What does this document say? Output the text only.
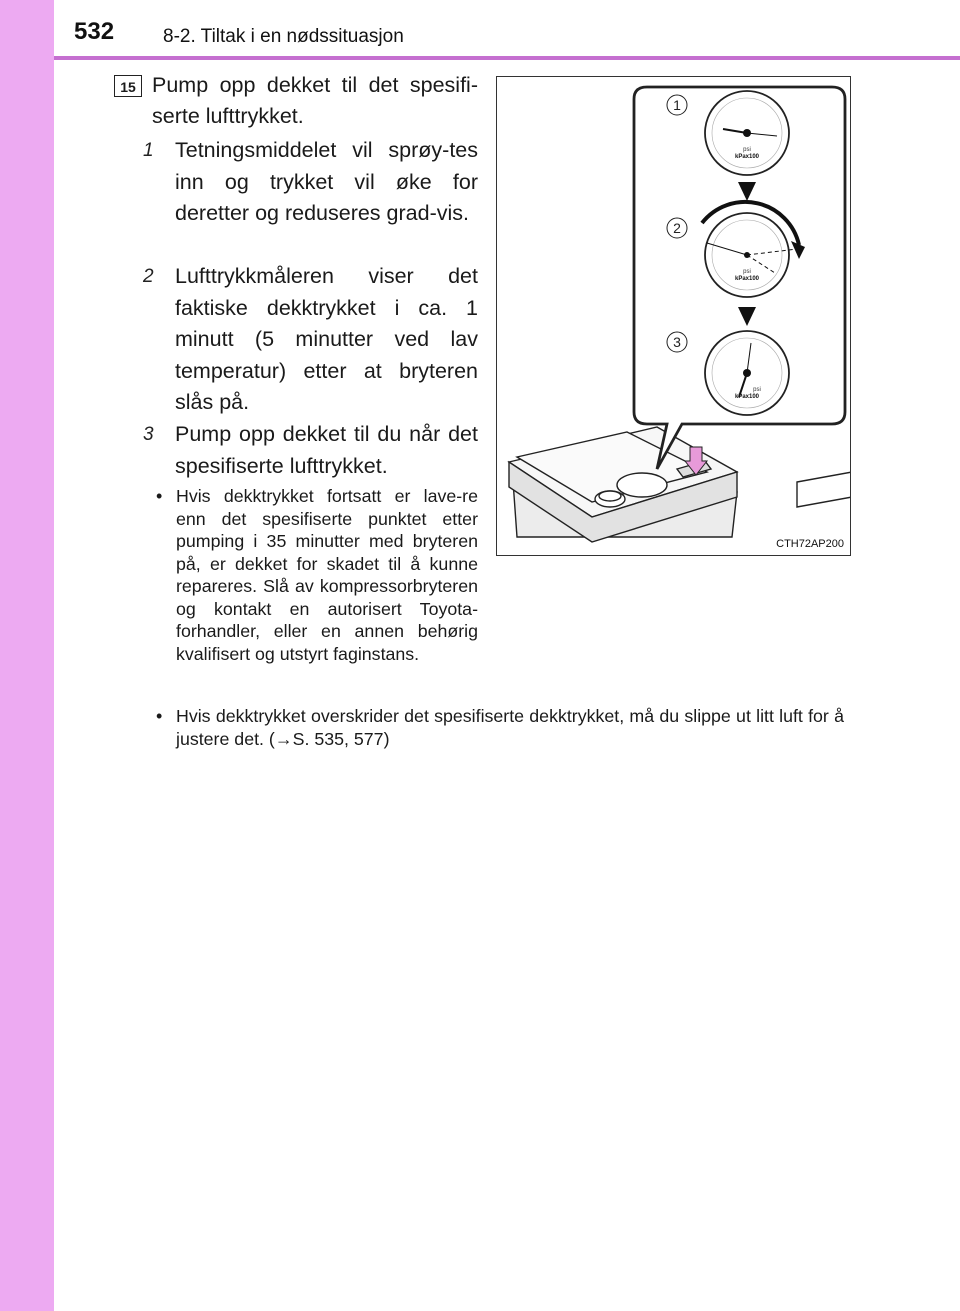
532	8-2. Tiltak i en nødssituasjon
15 Pump opp dekket til det spesifi-serte lufttrykket.
1 Tetningsmiddelet vil sprøy-tes inn og trykket vil øke for deretter og reduseres grad-vis.
2 Lufttrykkmåleren viser det faktiske dekktrykket i ca. 1 minutt (5 minutter ved lav temperatur) etter at bryteren slås på.
3 Pump opp dekket til du når det spesifiserte lufttrykket.
• Hvis dekktrykket fortsatt er lave-re enn det spesifiserte punktet etter pumping i 35 minutter med bryteren på, er dekket for skadet til å kunne repareres. Slå av kompressorbryteren og kontakt en autorisert Toyota-forhandler, eller en annen behørig kvalifisert og utstyrt faginstans.
• Hvis dekktrykket overskrider det spesifiserte dekktrykket, må du slippe ut litt luft for å justere det. (→S. 535, 577)
1
2
3
psi
kPax100
psi
kPax100
psi
kPax100
CTH72AP200
